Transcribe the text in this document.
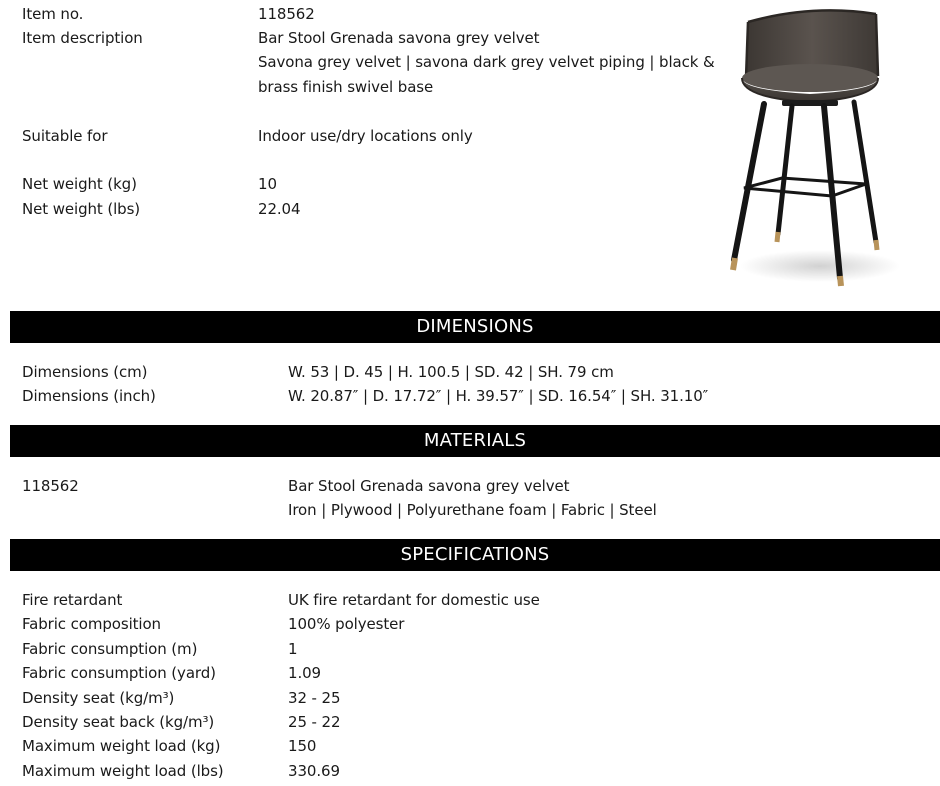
Item no.	118562
Item description	Bar Stool Grenada savona grey velvet
Savona grey velvet | savona dark grey velvet piping | black &
brass finish swivel base
Suitable for	Indoor use/dry locations only
Net weight (kg)	10
Net weight (lbs)	22.04
DIMENSIONS
Dimensions (cm)	W. 53 | D. 45 | H. 100.5 | SD. 42 | SH. 79 cm
Dimensions (inch)	W. 20.87″ | D. 17.72″ | H. 39.57″ | SD. 16.54″ | SH. 31.10″
MATERIALS
118562	Bar Stool Grenada savona grey velvet
Iron | Plywood | Polyurethane foam | Fabric | Steel
SPECIFICATIONS
Fire retardant	UK fire retardant for domestic use
Fabric composition	100% polyester
Fabric consumption (m)	1
Fabric consumption (yard)	1.09
Density seat (kg/m³)	32 - 25
Density seat back (kg/m³)	25 - 22
Maximum weight load (kg)	150
Maximum weight load (lbs)	330.69
